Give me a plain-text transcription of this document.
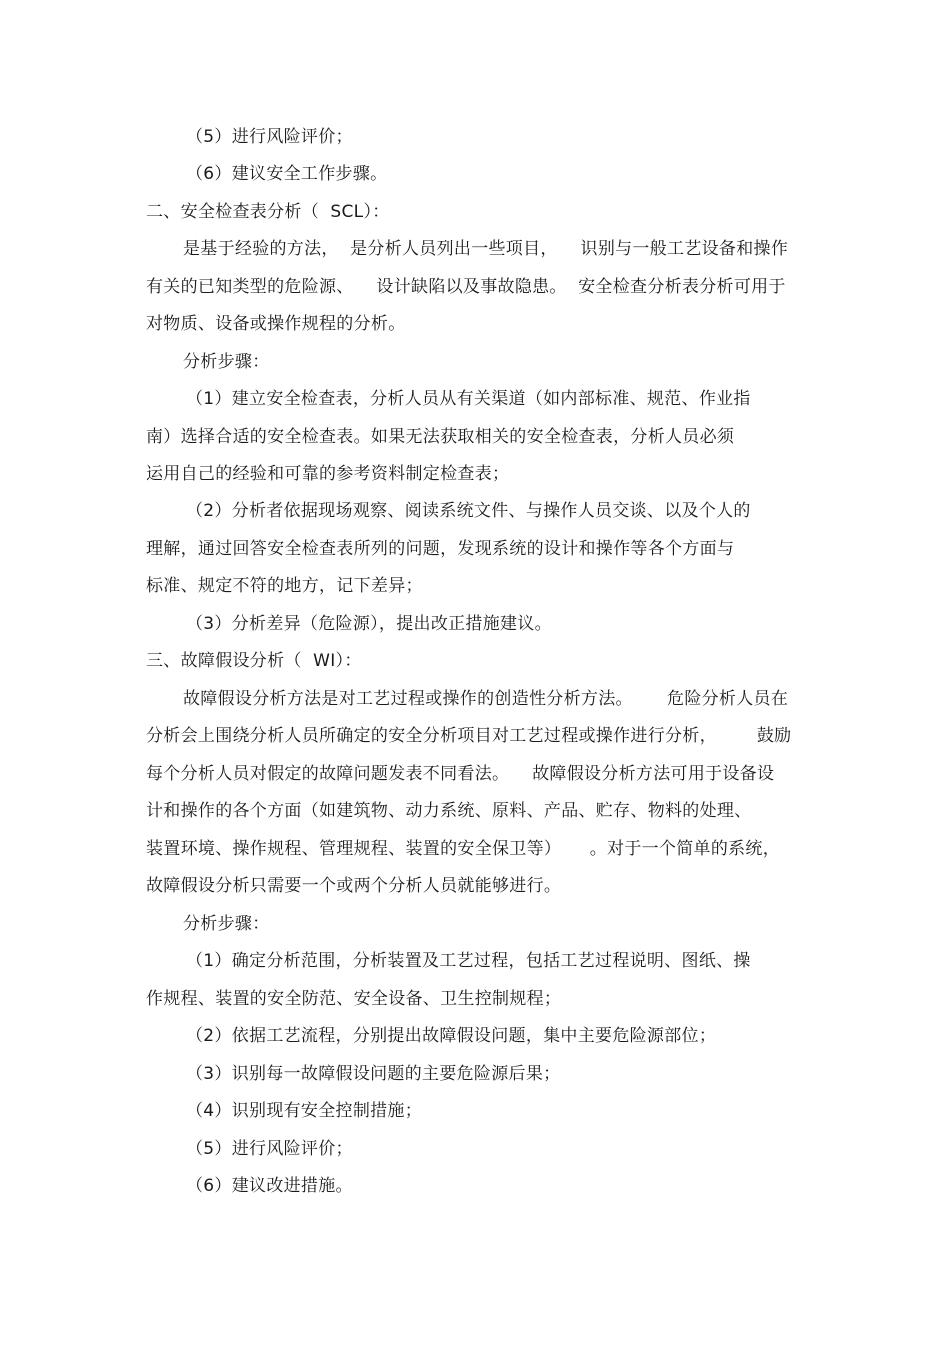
（5）进行风险评价；
（6）建议安全工作步骤。
二、安全检查表分析（  SCL）：
是基于经验的方法，  是分析人员列出一些项目，    识别与一般工艺设备和操作
有关的已知类型的危险源、    设计缺陷以及事故隐患。  安全检查分析表分析可用于
对物质、设备或操作规程的分析。
分析步骤：
（1）建立安全检查表，分析人员从有关渠道（如内部标准、规范、作业指
南）选择合适的安全检查表。如果无法获取相关的安全检查表，分析人员必须
运用自己的经验和可靠的参考资料制定检查表；
（2）分析者依据现场观察、阅读系统文件、与操作人员交谈、以及个人的
理解，通过回答安全检查表所列的问题，发现系统的设计和操作等各个方面与
标准、规定不符的地方，记下差异；
（3）分析差异（危险源），提出改正措施建议。
三、故障假设分析（  WI）：
故障假设分析方法是对工艺过程或操作的创造性分析方法。      危险分析人员在
分析会上围绕分析人员所确定的安全分析项目对工艺过程或操作进行分析，       鼓励
每个分析人员对假定的故障问题发表不同看法。    故障假设分析方法可用于设备设
计和操作的各个方面（如建筑物、动力系统、原料、产品、贮存、物料的处理、
装置环境、操作规程、管理规程、装置的安全保卫等）     。对于一个简单的系统，
故障假设分析只需要一个或两个分析人员就能够进行。
分析步骤：
（1）确定分析范围，分析装置及工艺过程，包括工艺过程说明、图纸、操
作规程、装置的安全防范、安全设备、卫生控制规程；
（2）依据工艺流程，分别提出故障假设问题，集中主要危险源部位；
（3）识别每一故障假设问题的主要危险源后果；
（4）识别现有安全控制措施；
（5）进行风险评价；
（6）建议改进措施。
